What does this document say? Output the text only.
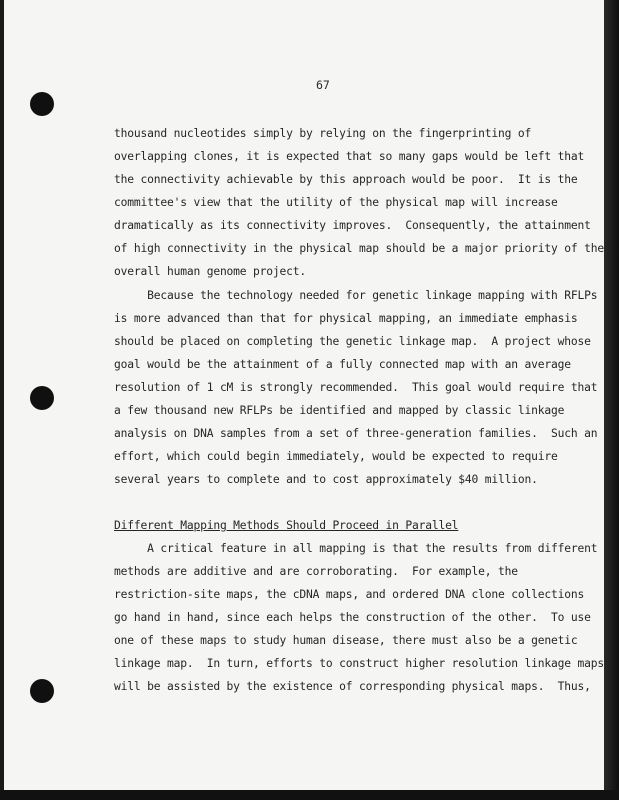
67
thousand nucleotides simply by relying on the fingerprinting of
overlapping clones, it is expected that so many gaps would be left that
the connectivity achievable by this approach would be poor.  It is the
committee's view that the utility of the physical map will increase
dramatically as its connectivity improves.  Consequently, the attainment
of high connectivity in the physical map should be a major priority of the
overall human genome project.
Because the technology needed for genetic linkage mapping with RFLPs
is more advanced than that for physical mapping, an immediate emphasis
should be placed on completing the genetic linkage map.  A project whose
goal would be the attainment of a fully connected map with an average
resolution of 1 cM is strongly recommended.  This goal would require that
a few thousand new RFLPs be identified and mapped by classic linkage
analysis on DNA samples from a set of three-generation families.  Such an
effort, which could begin immediately, would be expected to require
several years to complete and to cost approximately $40 million.
Different Mapping Methods Should Proceed in Parallel
A critical feature in all mapping is that the results from different
methods are additive and are corroborating.  For example, the
restriction-site maps, the cDNA maps, and ordered DNA clone collections
go hand in hand, since each helps the construction of the other.  To use
one of these maps to study human disease, there must also be a genetic
linkage map.  In turn, efforts to construct higher resolution linkage maps
will be assisted by the existence of corresponding physical maps.  Thus,
